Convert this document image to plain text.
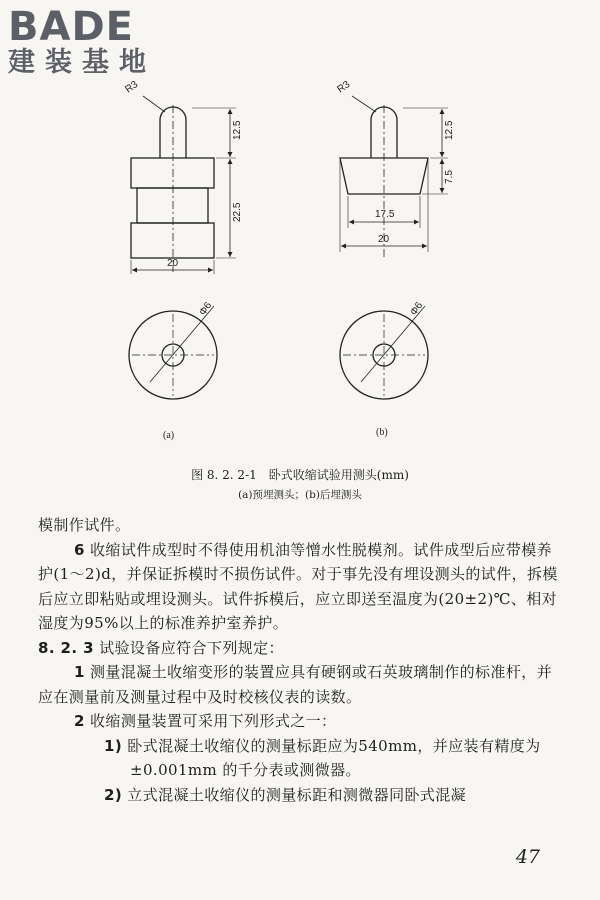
BADE
建装基地
R3
12.5
22.5
20
Φ6
R3
12.5
7.5
17.5
20
Φ6
(a)	(b)
图 8. 2. 2-1　卧式收缩试验用测头(mm)
(a)预埋测头；(b)后埋测头

模制作试件。

6 收缩试件成型时不得使用机油等憎水性脱模剂。试件成型后应带模养护(1～2)d，并保证拆模时不损伤试件。对于事先没有埋设测头的试件，拆模后应立即粘贴或埋设测头。试件拆模后，应立即送至温度为(20±2)℃、相对湿度为95%以上的标准养护室养护。

8. 2. 3 试验设备应符合下列规定：

1 测量混凝土收缩变形的装置应具有硬钢或石英玻璃制作的标准杆，并应在测量前及测量过程中及时校核仪表的读数。

2 收缩测量装置可采用下列形式之一：

1) 卧式混凝土收缩仪的测量标距应为540mm，并应装有精度为±0.001mm 的千分表或测微器。

2) 立式混凝土收缩仪的测量标距和测微器同卧式混凝

47
